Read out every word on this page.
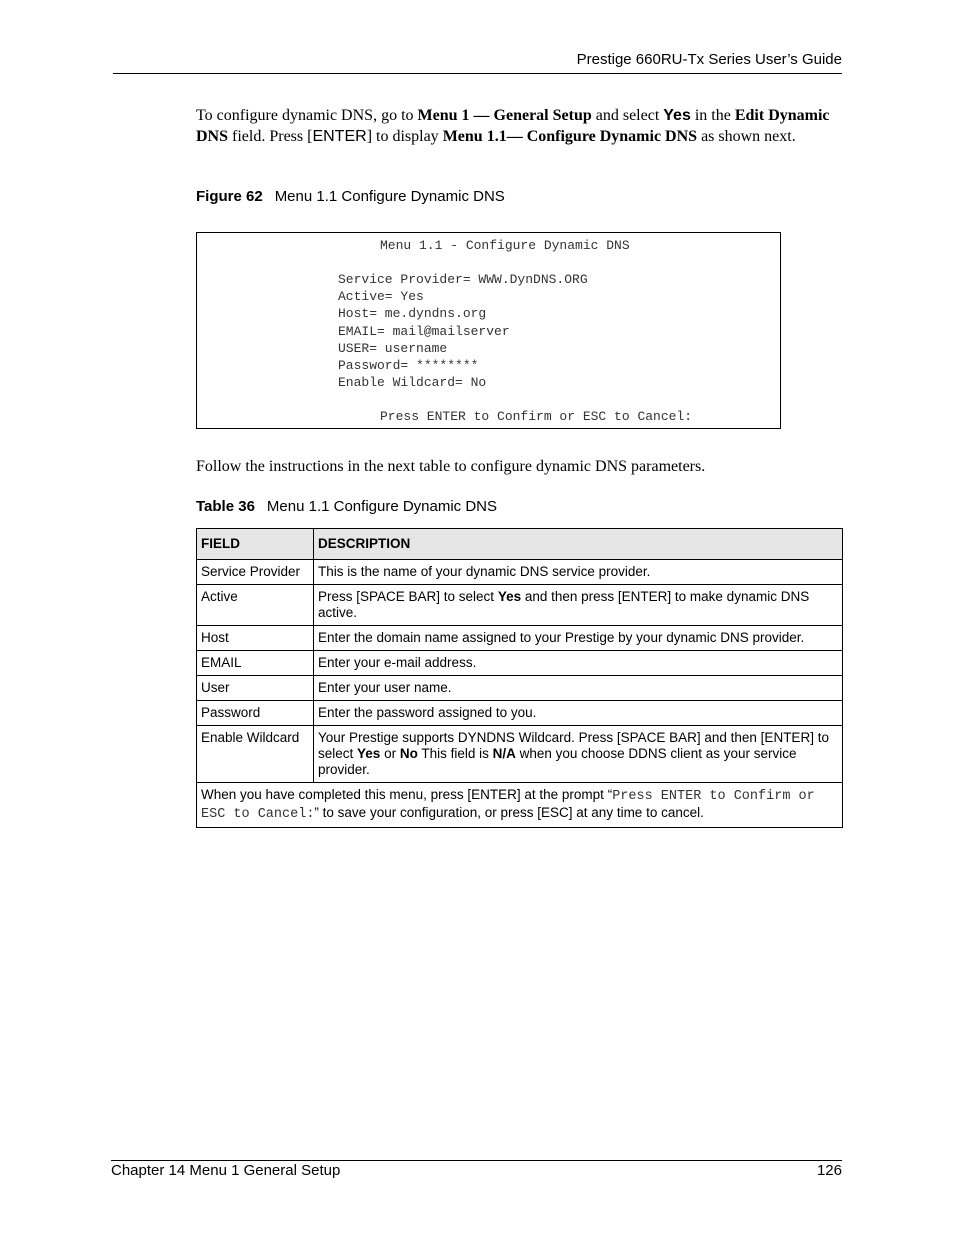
Prestige 660RU-Tx Series User’s Guide

To configure dynamic DNS, go to Menu 1 — General Setup and select Yes in the Edit Dynamic DNS field. Press [ENTER] to display Menu 1.1— Configure Dynamic DNS as shown next.

Figure 62 Menu 1.1 Configure Dynamic DNS
Menu 1.1 - Configure Dynamic DNS
Service Provider= WWW.DynDNS.ORG
Active= Yes
Host= me.dyndns.org
EMAIL= mail@mailserver
USER= username
Password= ********
Enable Wildcard= No
Press ENTER to Confirm or ESC to Cancel:
Follow the instructions in the next table to configure dynamic DNS parameters.
Table 36 Menu 1.1 Configure Dynamic DNS
FIELD	DESCRIPTION
Service Provider	This is the name of your dynamic DNS service provider.
Active	Press [SPACE BAR] to select Yes and then press [ENTER] to make dynamic DNS active.
Host	Enter the domain name assigned to your Prestige by your dynamic DNS provider.
EMAIL	Enter your e-mail address.
User	Enter your user name.
Password	Enter the password assigned to you.
Enable Wildcard	Your Prestige supports DYNDNS Wildcard. Press [SPACE BAR] and then [ENTER] to select Yes or No This field is N/A when you choose DDNS client as your service provider.
When you have completed this menu, press [ENTER] at the prompt “Press ENTER to Confirm or ESC to Cancel:” to save your configuration, or press [ESC] at any time to cancel.	
Chapter 14 Menu 1 General Setup	126
